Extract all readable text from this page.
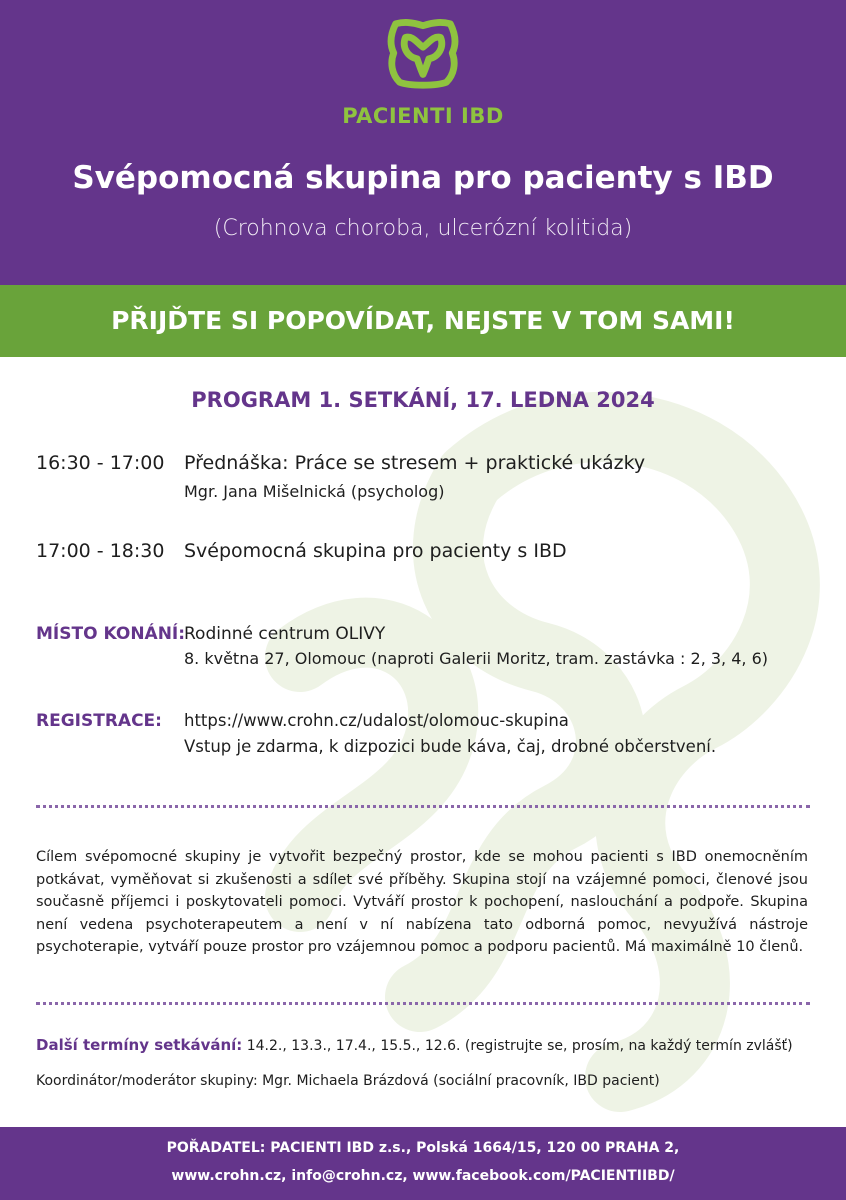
PACIENTI IBD
Svépomocná skupina pro pacienty s IBD
(Crohnova choroba, ulcerózní kolitida)
PŘIJĎTE SI POPOVÍDAT, NEJSTE V TOM SAMI!
PROGRAM 1. SETKÁNÍ, 17. LEDNA 2024
16:30 - 17:00 Přednáška: Práce se stresem + praktické ukázky
Mgr. Jana Mišelnická (psycholog)
17:00 - 18:30 Svépomocná skupina pro pacienty s IBD
MÍSTO KONÁNÍ:
Rodinné centrum OLIVY
8. května 27, Olomouc (naproti Galerii Moritz, tram. zastávka : 2, 3, 4, 6)
REGISTRACE: https://www.crohn.cz/udalost/olomouc-skupina
Vstup je zdarma, k dizpozici bude káva, čaj, drobné občerstvení.
Cílem svépomocné skupiny je vytvořit bezpečný prostor, kde se mohou pacienti s IBD onemocněním potkávat, vyměňovat si zkušenosti a sdílet své příběhy. Skupina stojí na vzájemné pomoci, členové jsou současně příjemci i poskytovateli pomoci. Vytváří prostor k pochopení, naslouchání a podpoře. Skupina není vedena psychoterapeutem a není v ní nabízena tato odborná pomoc, nevyužívá nástroje psychoterapie, vytváří pouze prostor pro vzájemnou pomoc a podporu pacientů. Má maximálně 10 členů.
Další termíny setkávání: 14.2., 13.3., 17.4., 15.5., 12.6. (registrujte se, prosím, na každý termín zvlášť)
Koordinátor/moderátor skupiny: Mgr. Michaela Brázdová (sociální pracovník, IBD pacient)
POŘADATEL: PACIENTI IBD z.s., Polská 1664/15, 120 00 PRAHA 2,
www.crohn.cz, info@crohn.cz, www.facebook.com/PACIENTIIBD/
